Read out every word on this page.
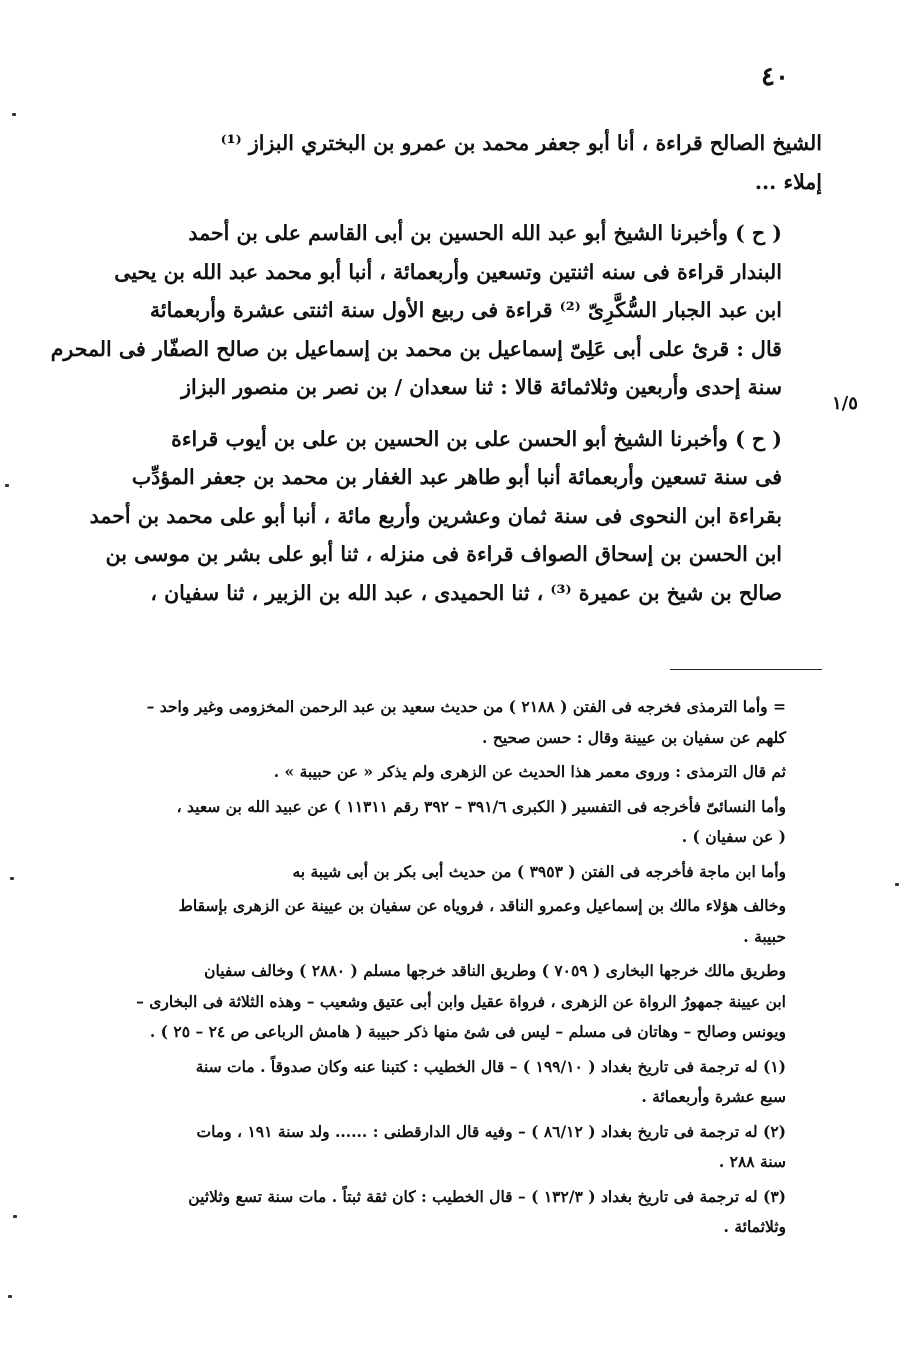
٤٠
١/٥

الشيخ الصالح قراءة ، أنا أبو جعفر محمد بن عمرو بن البختري البزاز ⁽¹⁾
إملاء ...

( ح ) وأخبرنا الشيخ أبو عبد الله الحسين بن أبى القاسم على بن أحمد
البندار قراءة فى سنه اثنتين وتسعين وأربعمائة ، أنبا أبو محمد عبد الله بن يحيى
ابن عبد الجبار السُّكَّرِىّ ⁽²⁾ قراءة فى ربيع الأول سنة اثنتى عشرة وأربعمائة
قال : قرئ على أبى عَلِىّ إسماعيل بن محمد بن إسماعيل بن صالح الصفّار فى المحرم
سنة إحدى وأربعين وثلاثمائة قالا : ثنا سعدان / بن نصر بن منصور البزاز

( ح ) وأخبرنا الشيخ أبو الحسن على بن الحسين بن على بن أيوب قراءة
فى سنة تسعين وأربعمائة أنبا أبو طاهر عبد الغفار بن محمد بن جعفر المؤدِّب
بقراءة ابن النحوى فى سنة ثمان وعشرين وأربع مائة ، أنبا أبو على محمد بن أحمد
ابن الحسن بن إسحاق الصواف قراءة فى منزله ، ثنا أبو على بشر بن موسى بن
صالح بن شيخ بن عميرة ⁽³⁾ ، ثنا الحميدى ، عبد الله بن الزبير ، ثنا سفيان ،

= وأما الترمذى فخرجه فى الفتن ( ٢١٨٨ ) من حديث سعيد بن عبد الرحمن المخزومى وغير واحد –
كلهم عن سفيان بن عيينة وقال : حسن صحيح .

ثم قال الترمذى : وروى معمر هذا الحديث عن الزهرى ولم يذكر « عن حبيبة » .

وأما النسائىّ فأخرجه فى التفسير ( الكبرى ٣٩١/٦ – ٣٩٢ رقم ١١٣١١ ) عن عبيد الله بن سعيد ،
( عن سفيان ) .

وأما ابن ماجة فأخرجه فى الفتن ( ٣٩٥٣ ) من حديث أبى بكر بن أبى شيبة به

وخالف هؤلاء مالك بن إسماعيل وعمرو الناقد ، فروياه عن سفيان بن عيينة عن الزهرى بإسقاط
حبيبة .

وطريق مالك خرجها البخارى ( ٧٠٥٩ ) وطريق الناقد خرجها مسلم ( ٢٨٨٠ ) وخالف سفيان
ابن عيينة جمهورُ الرواة عن الزهرى ، فرواة عقيل وابن أبى عتيق وشعيب – وهذه الثلاثة فى البخارى –
ويونس وصالح – وهاتان فى مسلم – ليس فى شئ منها ذكر حبيبة ( هامش الرباعى ص ٢٤ – ٢٥ ) .

(١) له ترجمة فى تاريخ بغداد ( ١٩٩/١٠ ) – قال الخطيب : كتبنا عنه وكان صدوقاً . مات سنة
سبع عشرة وأربعمائة .

(٢) له ترجمة فى تاريخ بغداد ( ٨٦/١٢ ) – وفيه قال الدارقطنى : ...... ولد سنة ١٩١ ، ومات
سنة ٢٨٨ .

(٣) له ترجمة فى تاريخ بغداد ( ١٣٢/٣ ) – قال الخطيب : كان ثقة ثبتاً . مات سنة تسع وثلاثين
وثلاثمائة .
